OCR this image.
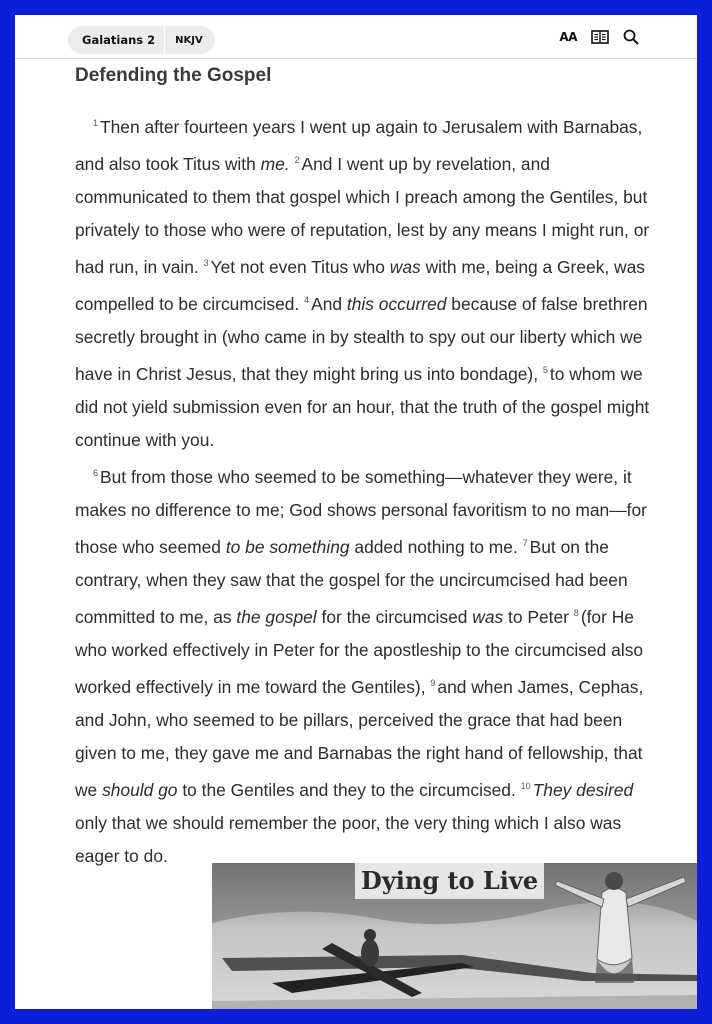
Galatians 2	NKJV	AA
Defending the Gospel

$^1$ Then after fourteen years I went up again to Jerusalem with Barnabas, and also took Titus with me. $^2$ And I went up by revelation, and communicated to them that gospel which I preach among the Gentiles, but privately to those who were of reputation, lest by any means I might run, or had run, in vain. $^3$ Yet not even Titus who was with me, being a Greek, was compelled to be circumcised. $^4$ And this occurred because of false brethren secretly brought in (who came in by stealth to spy out our liberty which we have in Christ Jesus, that they might bring us into bondage), $^5$ to whom we did not yield submission even for an hour, that the truth of the gospel might continue with you.

$^6$ But from those who seemed to be something—whatever they were, it makes no difference to me; God shows personal favoritism to no man—for those who seemed to be something added nothing to me. $^7$ But on the contrary, when they saw that the gospel for the uncircumcised had been committed to me, as the gospel for the circumcised was to Peter $^8$ (for He who worked effectively in Peter for the apostleship to the circumcised also worked effectively in me toward the Gentiles), $^9$ and when James, Cephas, and John, who seemed to be pillars, perceived the grace that had been given to me, they gave me and Barnabas the right hand of fellowship, that we should go to the Gentiles and they to the circumcised. $^{10}$ They desired only that we should remember the poor, the very thing which I also was eager to do.

Dying to Live
